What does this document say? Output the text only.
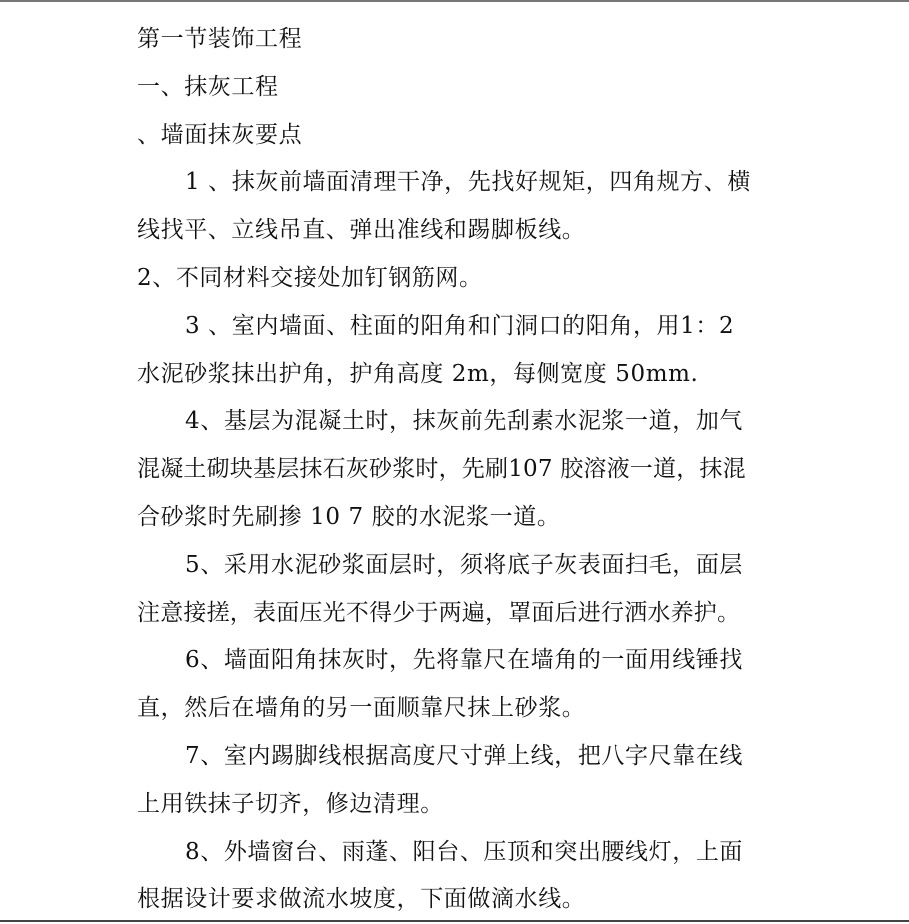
第一节装饰工程
一、抹灰工程
、墙面抹灰要点
1 、抹灰前墙面清理干净，先找好规矩，四角规方、横
线找平、立线吊直、弹出准线和踢脚板线。
2、不同材料交接处加钉钢筋网。
3 、室内墙面、柱面的阳角和门洞口的阳角，用1：2
水泥砂浆抹出护角，护角高度 2m，每侧宽度 50mm.
4、基层为混凝土时，抹灰前先刮素水泥浆一道，加气
混凝土砌块基层抹石灰砂浆时，先刷107 胶溶液一道，抹混
合砂浆时先刷掺 10 7 胶的水泥浆一道。
5、采用水泥砂浆面层时，须将底子灰表面扫毛，面层
注意接搓，表面压光不得少于两遍，罩面后进行洒水养护。
6、墙面阳角抹灰时，先将靠尺在墙角的一面用线锤找
直，然后在墙角的另一面顺靠尺抹上砂浆。
7、室内踢脚线根据高度尺寸弹上线，把八字尺靠在线
上用铁抹子切齐，修边清理。
8、外墙窗台、雨蓬、阳台、压顶和突出腰线灯，上面
根据设计要求做流水坡度，下面做滴水线。
